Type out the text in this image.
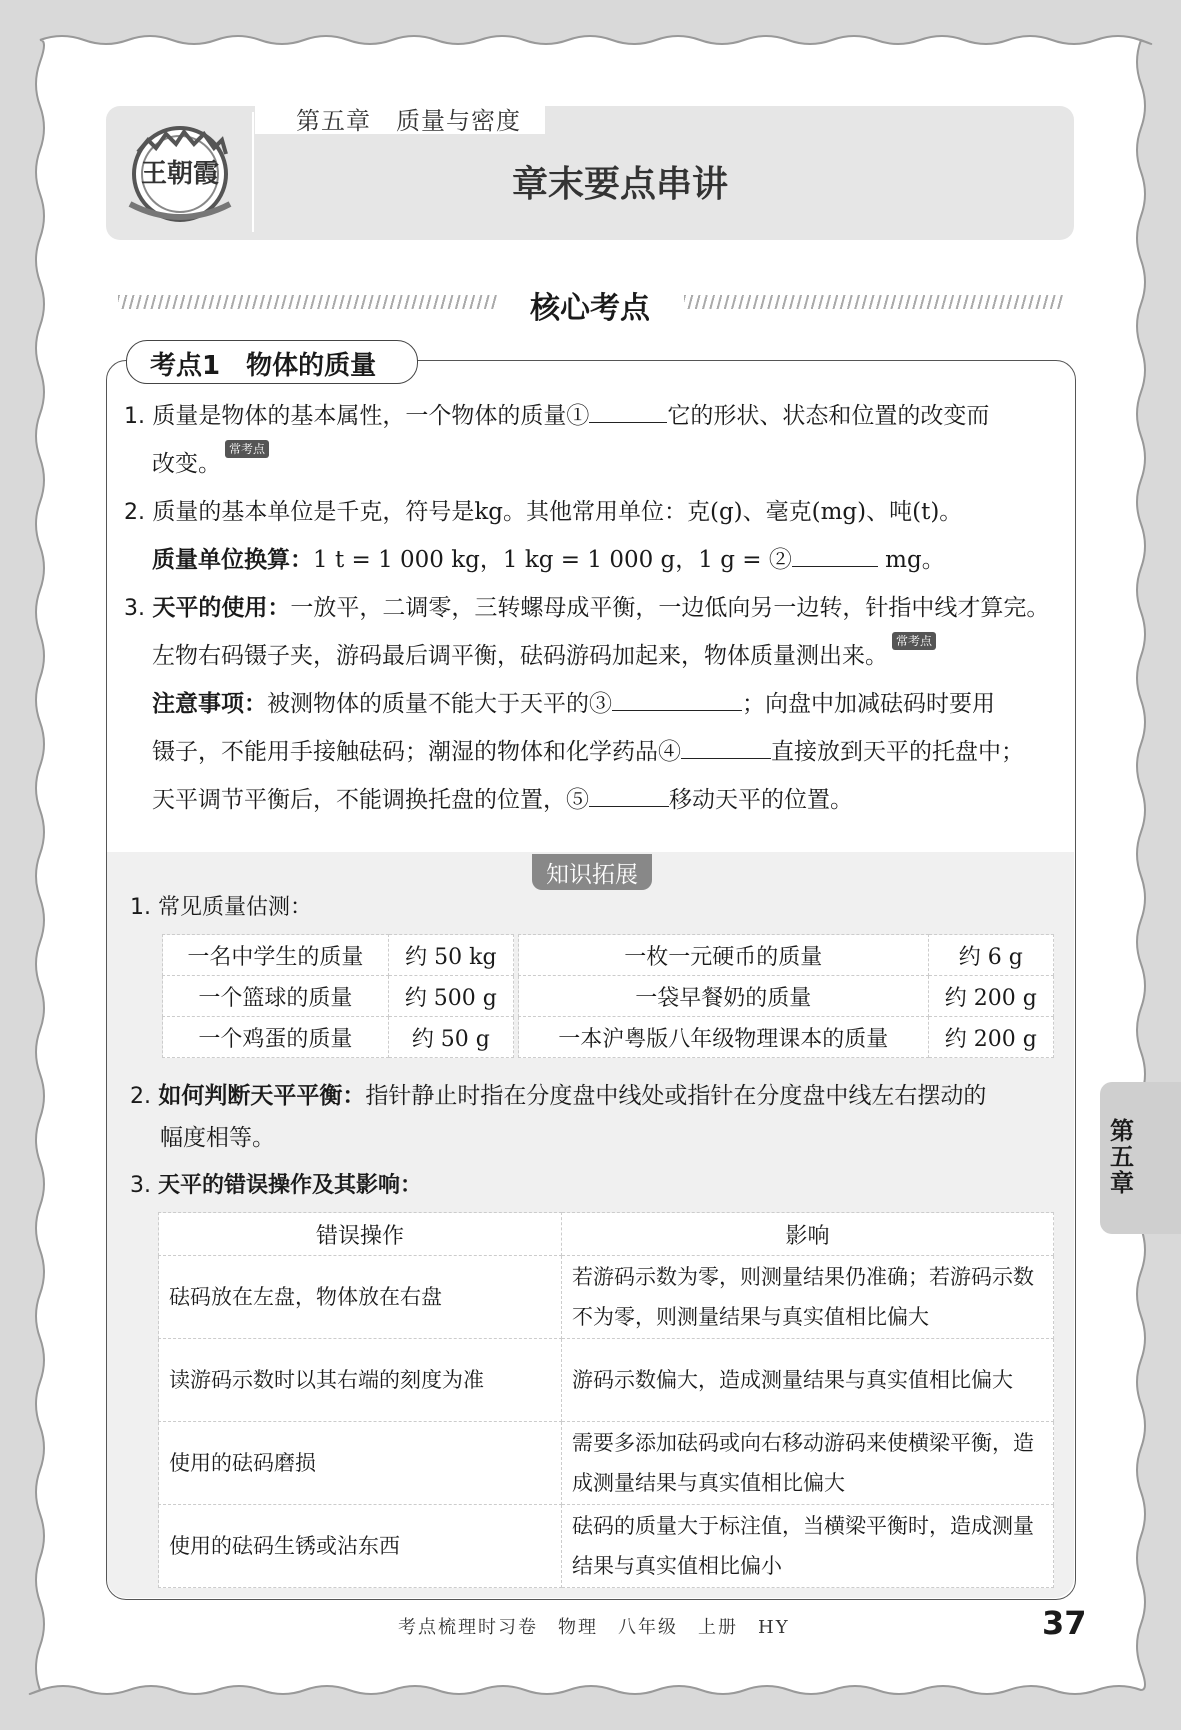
王朝霞
第五章　质量与密度
章末要点串讲
核心考点
考点1　物体的质量
1. 质量是物体的基本属性，一个物体的质量①	它的形状、状态和位置的改变而
改变。常考点
2. 质量的基本单位是千克，符号是kg。其他常用单位：克(g)、毫克(mg)、吨(t)。
质量单位换算：1 t = 1 000 kg，1 kg = 1 000 g，1 g = ②	mg。
3. 天平的使用：一放平，二调零，三转螺母成平衡，一边低向另一边转，针指中线才算完。
左物右码镊子夹，游码最后调平衡，砝码游码加起来，物体质量测出来。常考点
注意事项：被测物体的质量不能大于天平的③	；向盘中加减砝码时要用
镊子，不能用手接触砝码；潮湿的物体和化学药品④	直接放到天平的托盘中；
天平调节平衡后，不能调换托盘的位置，⑤	移动天平的位置。
知识拓展
1. 常见质量估测：
一名中学生的质量	约 50 kg		一枚一元硬币的质量	约 6 g
一个篮球的质量	约 500 g		一袋早餐奶的质量	约 200 g
一个鸡蛋的质量	约 50 g		一本沪粤版八年级物理课本的质量	约 200 g
2. 如何判断天平平衡：指针静止时指在分度盘中线处或指针在分度盘中线左右摆动的
幅度相等。
3. 天平的错误操作及其影响：
错误操作	影响
砝码放在左盘，物体放在右盘	若游码示数为零，则测量结果仍准确；若游码示数不为零，则测量结果与真实值相比偏大
读游码示数时以其右端的刻度为准	游码示数偏大，造成测量结果与真实值相比偏大
使用的砝码磨损	需要多添加砝码或向右移动游码来使横梁平衡，造成测量结果与真实值相比偏大
使用的砝码生锈或沾东西	砝码的质量大于标注值，当横梁平衡时，造成测量结果与真实值相比偏小
第五章
考点梳理时习卷　物理　八年级　上册　HY	37
